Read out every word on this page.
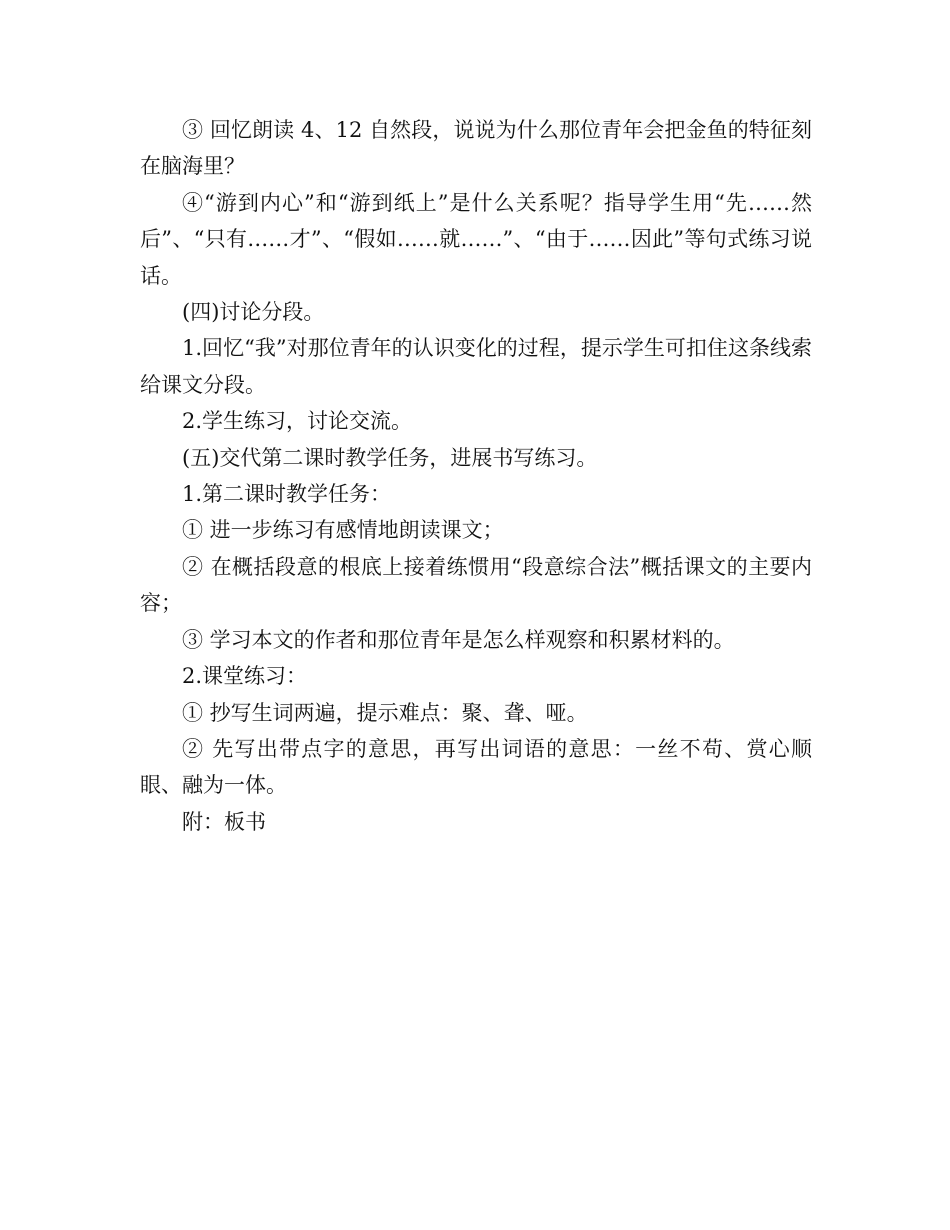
③ 回忆朗读 4、12 自然段，说说为什么那位青年会把金鱼的特征刻在脑海里？

④“游到内心”和“游到纸上”是什么关系呢？指导学生用“先……然后”、“只有……才”、“假如……就……”、“由于……因此”等句式练习说话。

(四)讨论分段。

1.回忆“我”对那位青年的认识变化的过程，提示学生可扣住这条线索给课文分段。

2.学生练习，讨论交流。

(五)交代第二课时教学任务，进展书写练习。

1.第二课时教学任务：

① 进一步练习有感情地朗读课文；

② 在概括段意的根底上接着练惯用“段意综合法”概括课文的主要内容；

③ 学习本文的作者和那位青年是怎么样观察和积累材料的。

2.课堂练习：

① 抄写生词两遍，提示难点：聚、聋、哑。

② 先写出带点字的意思，再写出词语的意思：一丝不苟、赏心顺眼、融为一体。

附：板书
